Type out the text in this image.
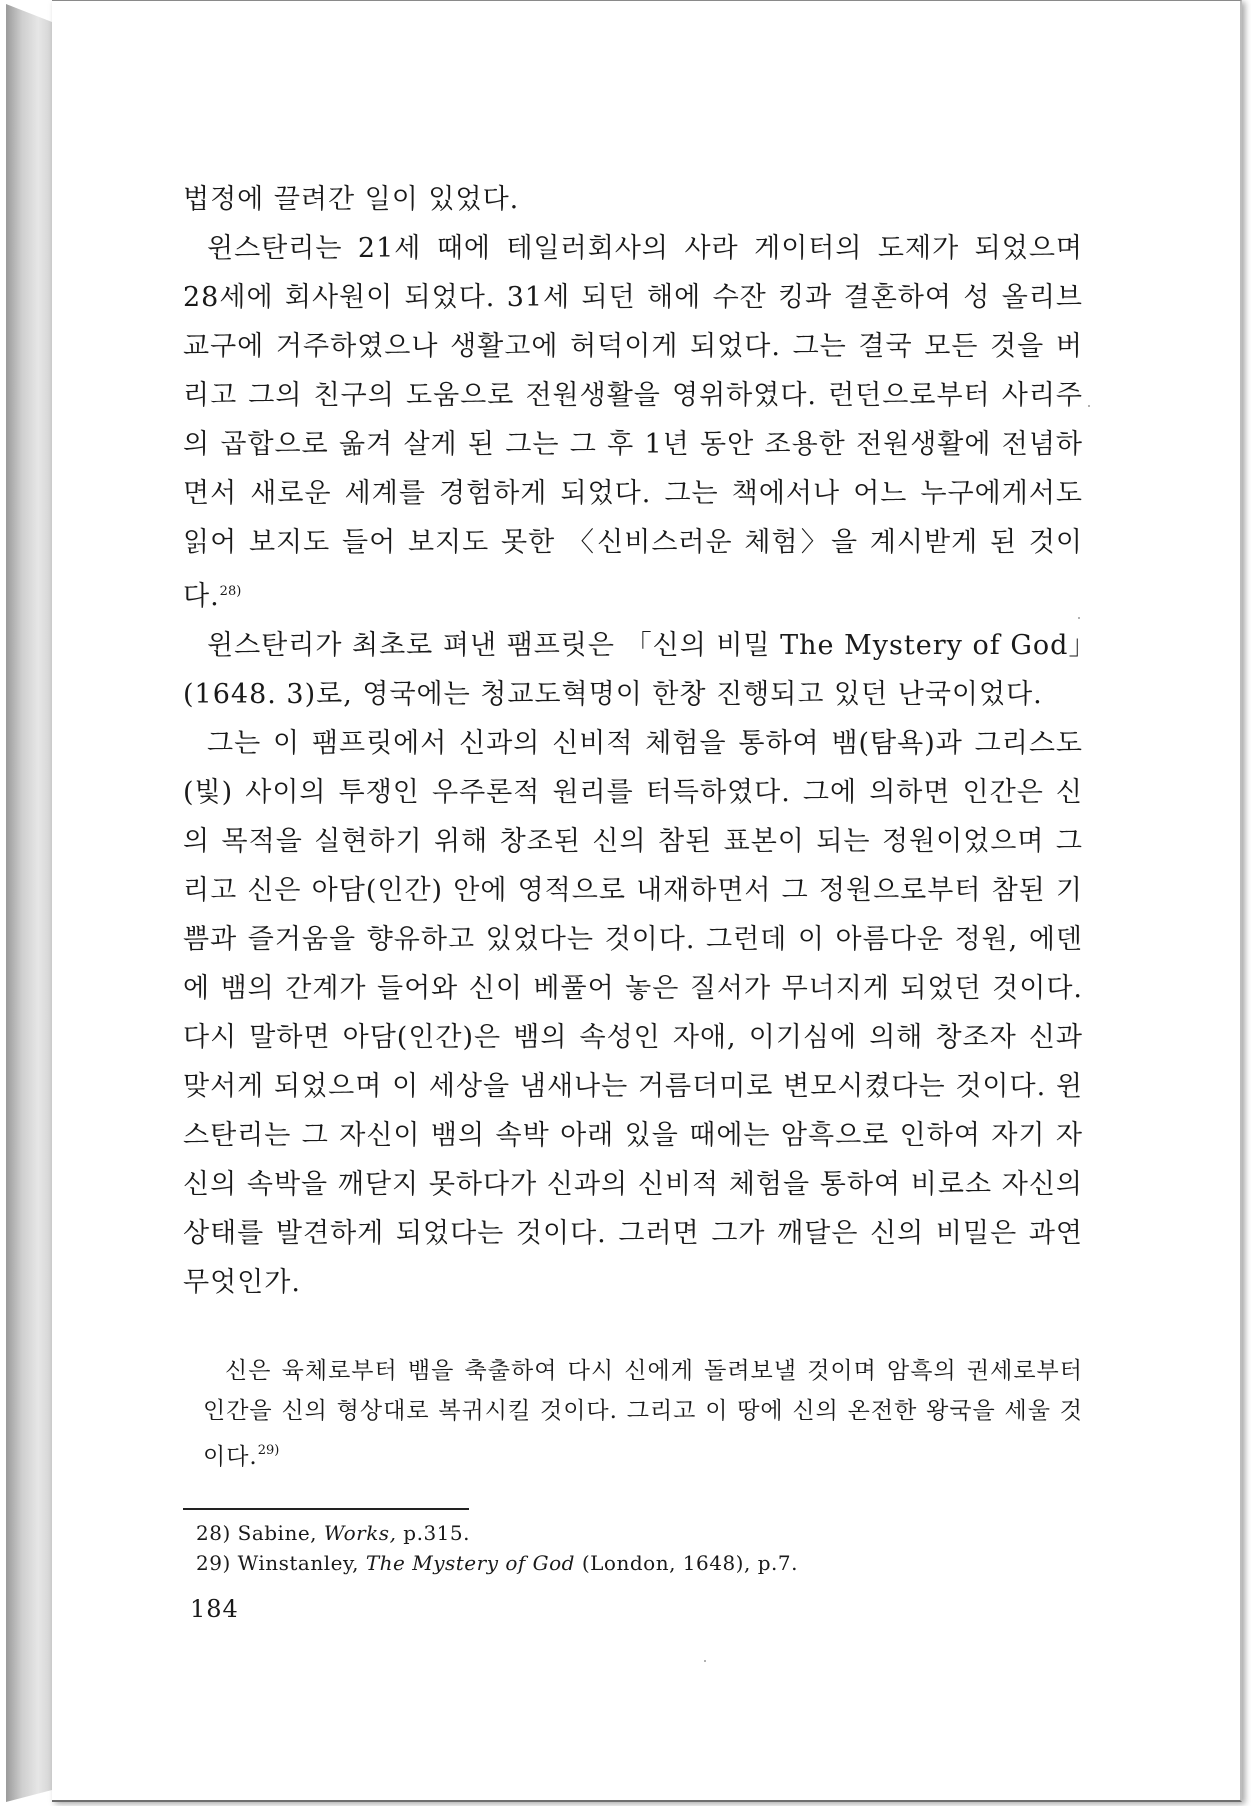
법정에 끌려간 일이 있었다.

윈스탄리는 21세 때에 테일러회사의 사라 게이터의 도제가 되었으며 28세에 회사원이 되었다. 31세 되던 해에 수잔 킹과 결혼하여 성 올리브 교구에 거주하였으나 생활고에 허덕이게 되었다. 그는 결국 모든 것을 버리고 그의 친구의 도움으로 전원생활을 영위하였다. 런던으로부터 사리주의 곱합으로 옮겨 살게 된 그는 그 후 1년 동안 조용한 전원생활에 전념하면서 새로운 세계를 경험하게 되었다. 그는 책에서나 어느 누구에게서도 읽어 보지도 들어 보지도 못한 〈신비스러운 체험〉을 계시받게 된 것이다.$^{28)}$

윈스탄리가 최초로 펴낸 팸프릿은 「신의 비밀 The Mystery of God」(1648. 3)로, 영국에는 청교도혁명이 한창 진행되고 있던 난국이었다.

그는 이 팸프릿에서 신과의 신비적 체험을 통하여 뱀(탐욕)과 그리스도(빛) 사이의 투쟁인 우주론적 원리를 터득하였다. 그에 의하면 인간은 신의 목적을 실현하기 위해 창조된 신의 참된 표본이 되는 정원이었으며 그리고 신은 아담(인간) 안에 영적으로 내재하면서 그 정원으로부터 참된 기쁨과 즐거움을 향유하고 있었다는 것이다. 그런데 이 아름다운 정원, 에덴에 뱀의 간계가 들어와 신이 베풀어 놓은 질서가 무너지게 되었던 것이다. 다시 말하면 아담(인간)은 뱀의 속성인 자애, 이기심에 의해 창조자 신과 맞서게 되었으며 이 세상을 냄새나는 거름더미로 변모시켰다는 것이다. 윈스탄리는 그 자신이 뱀의 속박 아래 있을 때에는 암흑으로 인하여 자기 자신의 속박을 깨닫지 못하다가 신과의 신비적 체험을 통하여 비로소 자신의 상태를 발견하게 되었다는 것이다. 그러면 그가 깨달은 신의 비밀은 과연 무엇인가.

신은 육체로부터 뱀을 축출하여 다시 신에게 돌려보낼 것이며 암흑의 권세로부터 인간을 신의 형상대로 복귀시킬 것이다. 그리고 이 땅에 신의 온전한 왕국을 세울 것이다.$^{29)}$
28) Sabine, Works, p.315.
29) Winstanley, The Mystery of God (London, 1648), p.7.
184
